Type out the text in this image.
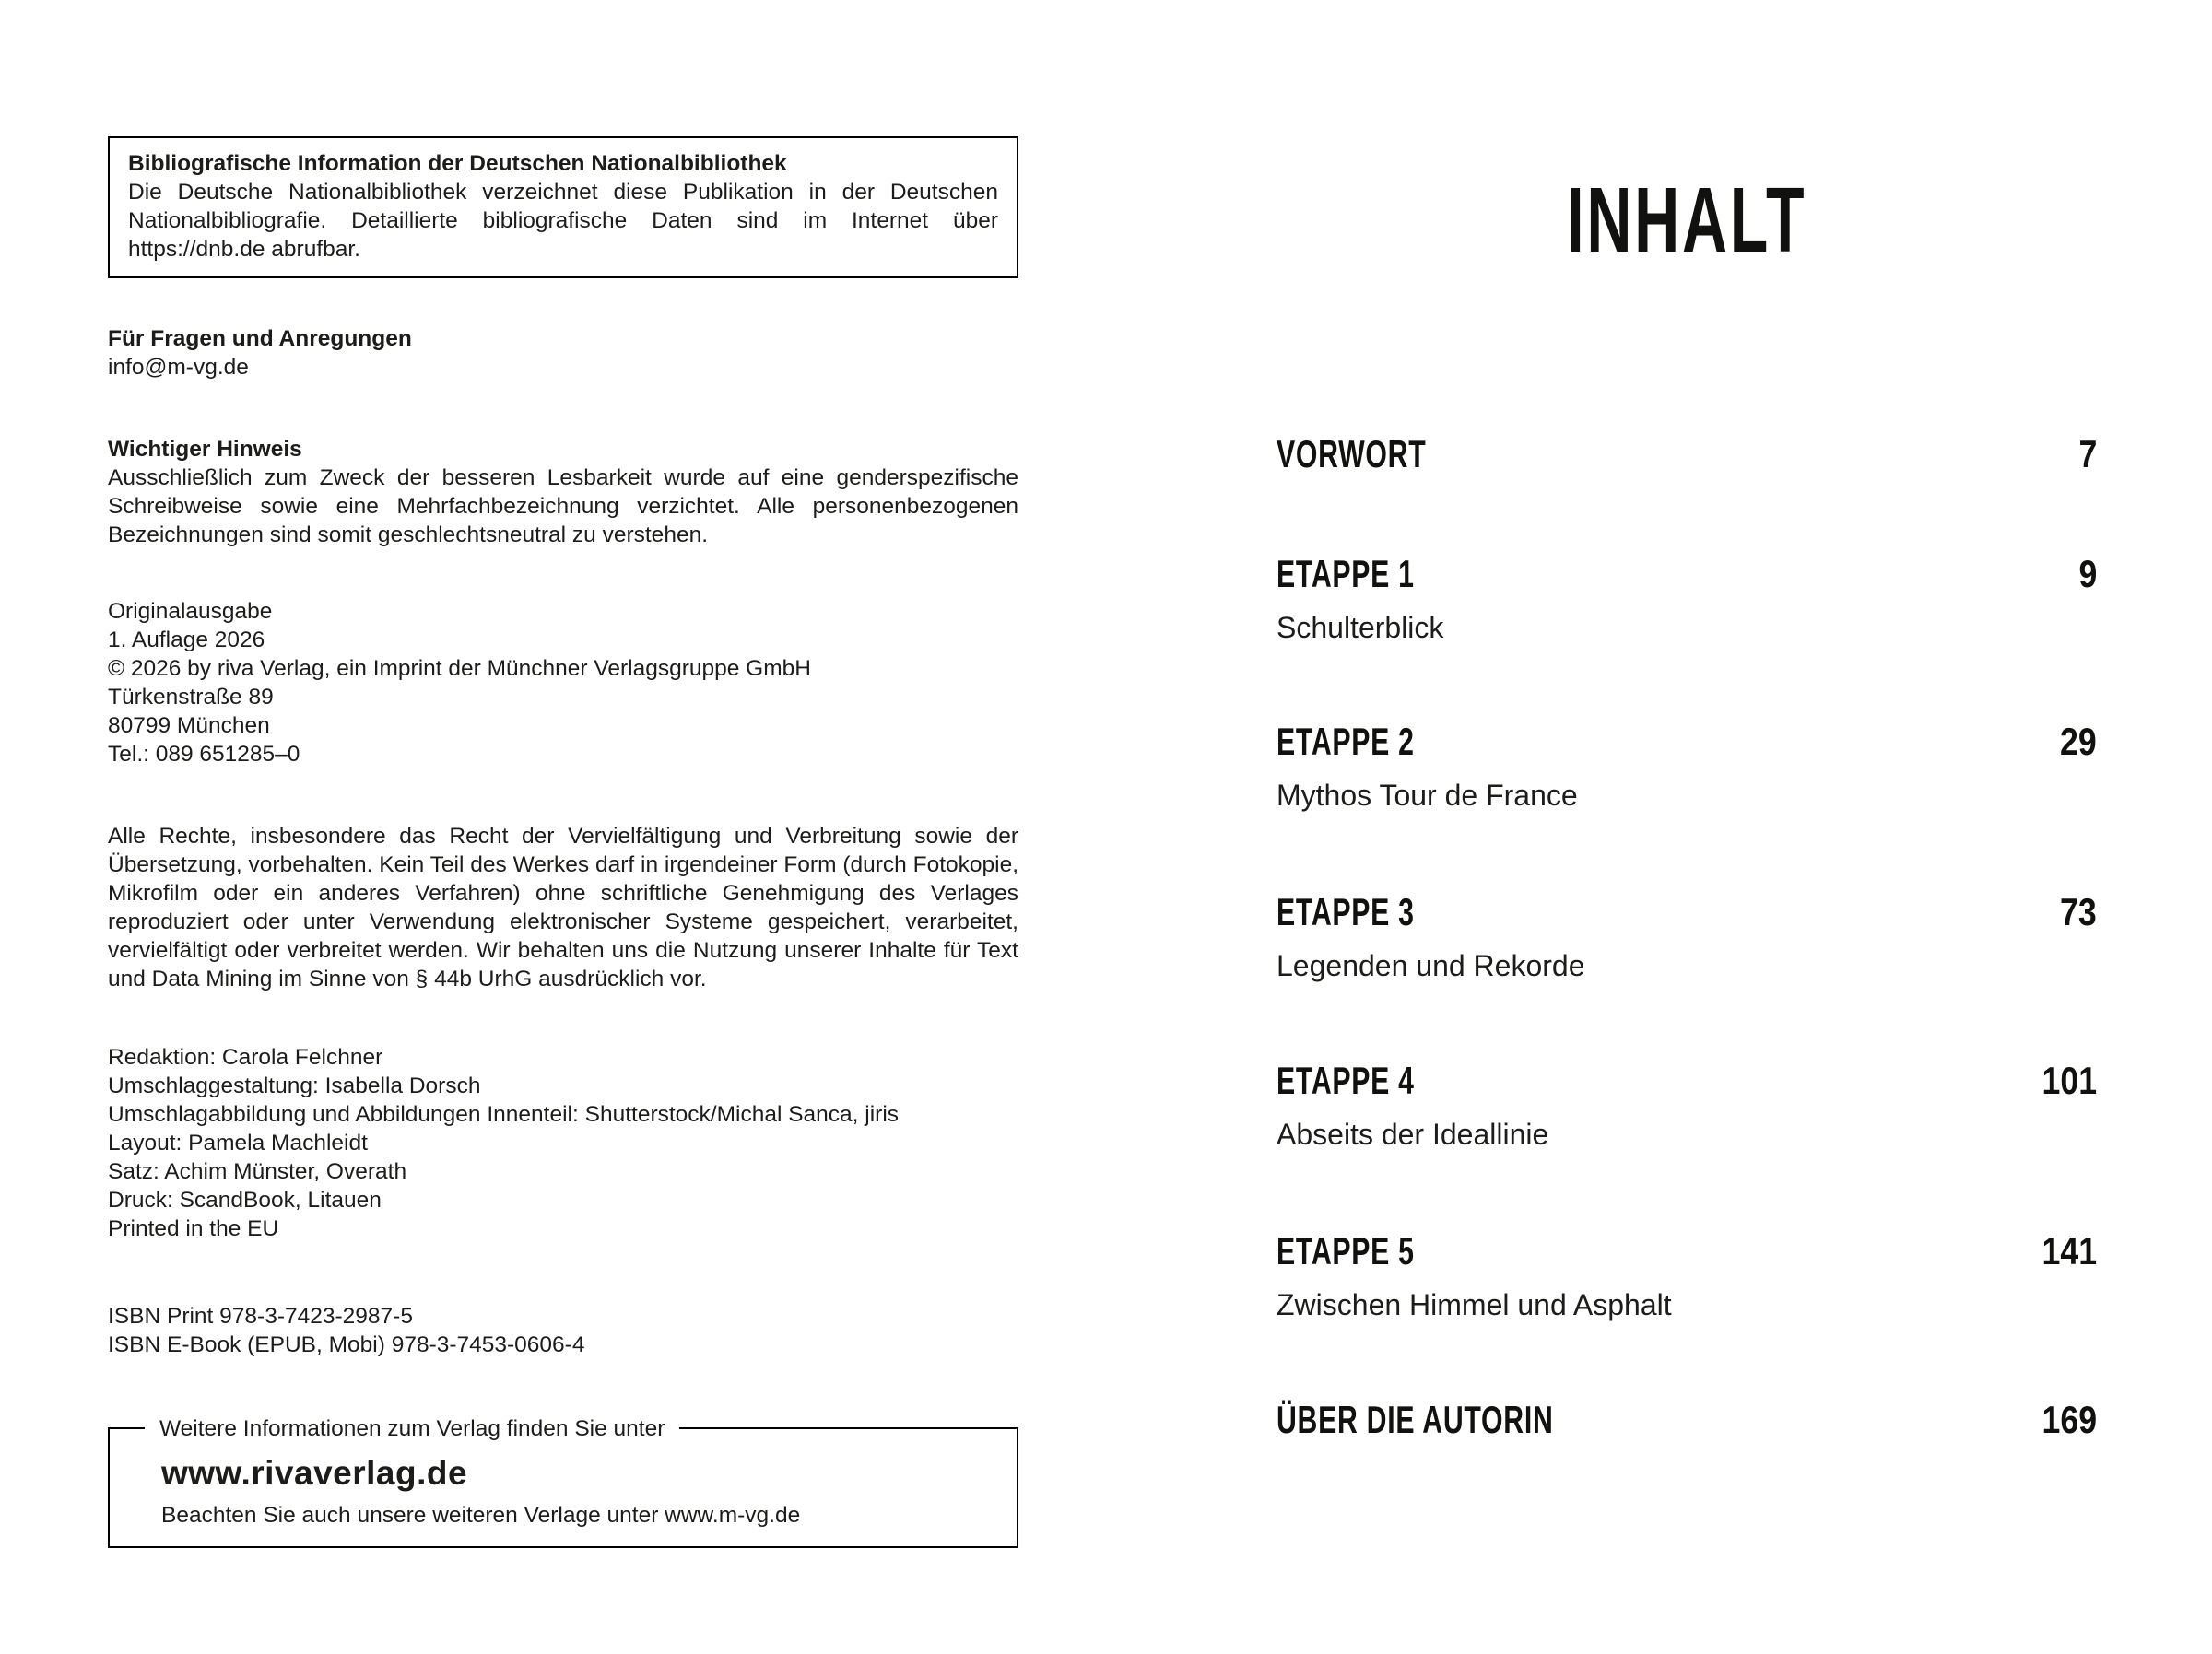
Bibliografische Information der Deutschen Nationalbibliothek
Die Deutsche Nationalbibliothek verzeichnet diese Publikation in der Deutschen Nationalbibliografie. Detaillierte bibliografische Daten sind im Internet über https://dnb.de abrufbar.
Für Fragen und Anregungen
info@m-vg.de
Wichtiger Hinweis
Ausschließlich zum Zweck der besseren Lesbarkeit wurde auf eine genderspezifische Schreibweise sowie eine Mehrfachbezeichnung verzichtet. Alle personenbezogenen Bezeichnungen sind somit geschlechtsneutral zu verstehen.
Originalausgabe
1. Auflage 2026
© 2026 by riva Verlag, ein Imprint der Münchner Verlagsgruppe GmbH
Türkenstraße 89
80799 München
Tel.: 089 651285–0
Alle Rechte, insbesondere das Recht der Vervielfältigung und Verbreitung sowie der Übersetzung, vorbehalten. Kein Teil des Werkes darf in irgendeiner Form (durch Fotokopie, Mikrofilm oder ein anderes Verfahren) ohne schriftliche Genehmigung des Verlages reproduziert oder unter Verwendung elektronischer Systeme gespeichert, verarbeitet, vervielfältigt oder verbreitet werden. Wir behalten uns die Nutzung unserer Inhalte für Text und Data Mining im Sinne von § 44b UrhG ausdrücklich vor.
Redaktion: Carola Felchner
Umschlaggestaltung: Isabella Dorsch
Umschlagabbildung und Abbildungen Innenteil: Shutterstock/Michal Sanca, jiris
Layout: Pamela Machleidt
Satz: Achim Münster, Overath
Druck: ScandBook, Litauen
Printed in the EU
ISBN Print 978-3-7423-2987-5
ISBN E-Book (EPUB, Mobi) 978-3-7453-0606-4
Weitere Informationen zum Verlag finden Sie unter
www.rivaverlag.de
Beachten Sie auch unsere weiteren Verlage unter www.m-vg.de
INHALT
VORWORT	7
ETAPPE 1	9
Schulterblick
ETAPPE 2	29
Mythos Tour de France
ETAPPE 3	73
Legenden und Rekorde
ETAPPE 4	101
Abseits der Ideallinie
ETAPPE 5	141
Zwischen Himmel und Asphalt
ÜBER DIE AUTORIN	169
